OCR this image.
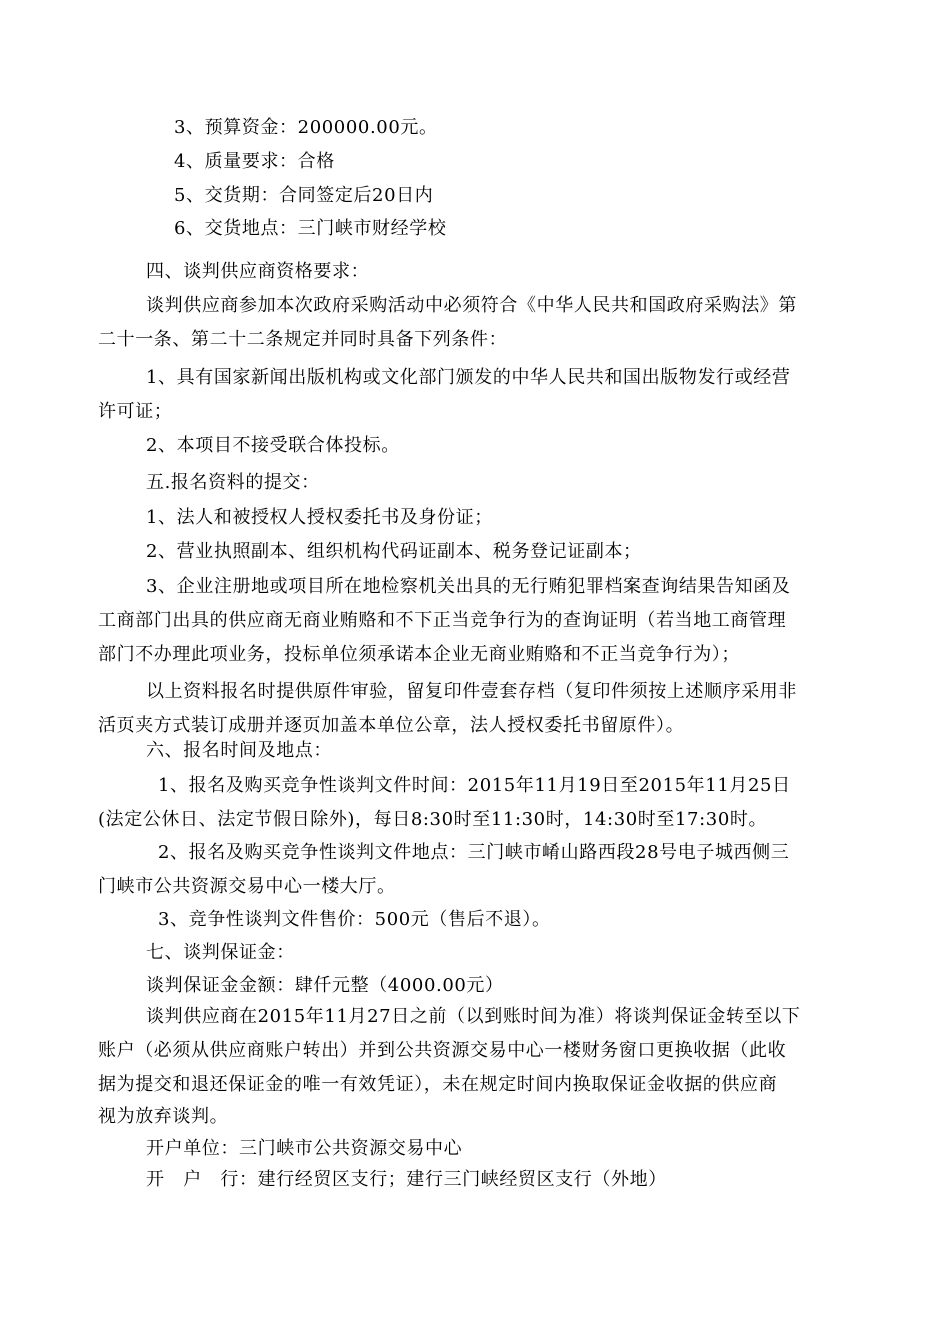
3、预算资金：200000.00元。
4、质量要求：合格
5、交货期：合同签定后20日内
6、交货地点：三门峡市财经学校
四、谈判供应商资格要求：
谈判供应商参加本次政府采购活动中必须符合《中华人民共和国政府采购法》第
二十一条、第二十二条规定并同时具备下列条件：
1、具有国家新闻出版机构或文化部门颁发的中华人民共和国出版物发行或经营
许可证；
2、本项目不接受联合体投标。
五.报名资料的提交：
1、法人和被授权人授权委托书及身份证；
2、营业执照副本、组织机构代码证副本、税务登记证副本；
3、企业注册地或项目所在地检察机关出具的无行贿犯罪档案查询结果告知函及
工商部门出具的供应商无商业贿赂和不下正当竞争行为的查询证明（若当地工商管理
部门不办理此项业务，投标单位须承诺本企业无商业贿赂和不正当竞争行为）；
以上资料报名时提供原件审验，留复印件壹套存档（复印件须按上述顺序采用非
活页夹方式装订成册并逐页加盖本单位公章，法人授权委托书留原件）。
六、报名时间及地点：
1、报名及购买竞争性谈判文件时间：2015年11月19日至2015年11月25日
(法定公休日、法定节假日除外)，每日8:30时至11:30时，14:30时至17:30时。
2、报名及购买竞争性谈判文件地点：三门峡市崤山路西段28号电子城西侧三
门峡市公共资源交易中心一楼大厅。
3、竞争性谈判文件售价：500元（售后不退）。
七、谈判保证金：
谈判保证金金额：肆仟元整（4000.00元）
谈判供应商在2015年11月27日之前（以到账时间为准）将谈判保证金转至以下
账户（必须从供应商账户转出）并到公共资源交易中心一楼财务窗口更换收据（此收
据为提交和退还保证金的唯一有效凭证），未在规定时间内换取保证金收据的供应商
视为放弃谈判。
开户单位：三门峡市公共资源交易中心
开　户　行：建行经贸区支行；建行三门峡经贸区支行（外地）
